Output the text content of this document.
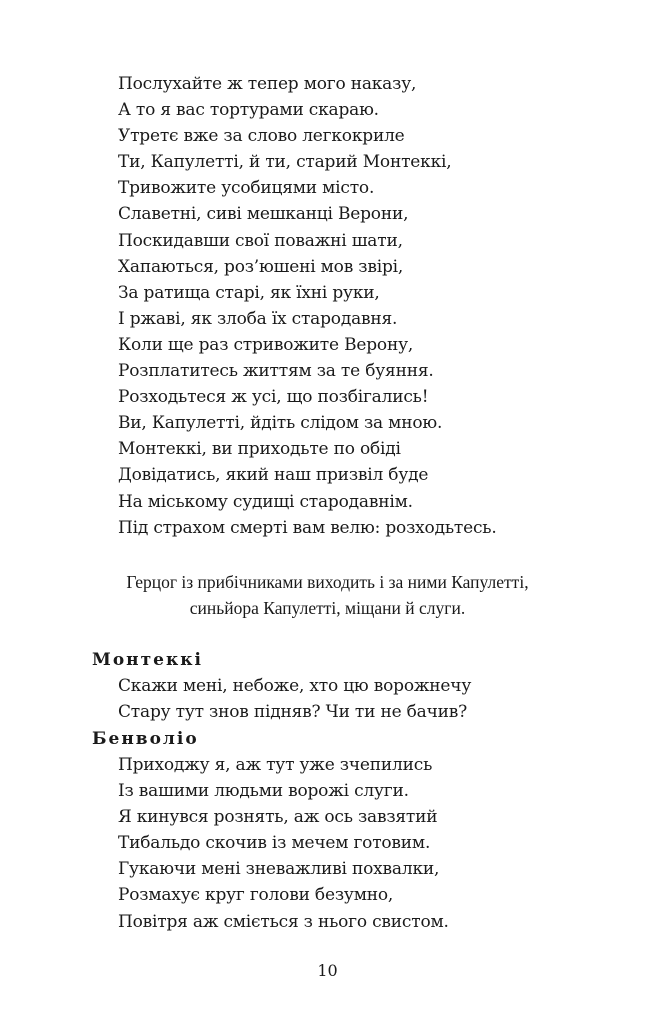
Послухайте ж тепер мого наказу,
А то я вас тортурами скараю.
Утретє вже за слово легкокриле
Ти, Капулетті, й ти, старий Монтеккі,
Тривожите усобицями місто.
Славетні, сиві мешканці Верони,
Поскидавши свої поважні шати,
Хапаються, роз’юшені мов звірі,
За ратища старі, як їхні руки,
І ржаві, як злоба їх стародавня.
Коли ще раз стривожите Верону,
Розплатитесь життям за те буяння.
Розходьтеся ж усі, що позбігались!
Ви, Капулетті, йдіть слідом за мною.
Монтеккі, ви приходьте по обіді
Довідатись, який наш призвіл буде
На міському судищі стародавнім.
Під страхом смерті вам велю: розходьтесь.
Герцог із прибічниками виходить і за ними Капулетті,
синьйора Капулетті, міщани й слуги.
Монтеккі
Скажи мені, небоже, хто цю ворожнечу
Стару тут знов підняв? Чи ти не бачив?
Бенволіо
Приходжу я, аж тут уже зчепились
Із вашими людьми ворожі слуги.
Я кинувся рознять, аж ось завзятий
Тибальдо скочив із мечем готовим.
Гукаючи мені зневажливі похвалки,
Розмахує круг голови безумно,
Повітря аж сміється з нього свистом.
10
